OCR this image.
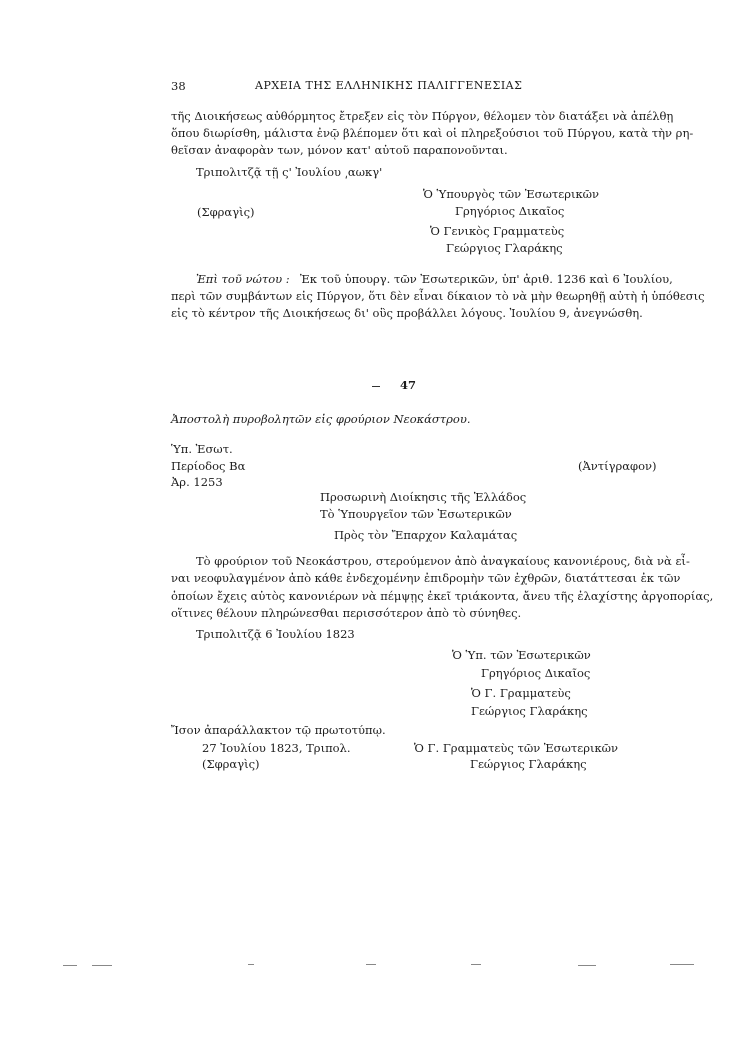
38	ΑΡΧΕΙΑ ΤΗΣ ΕΛΛΗΝΙΚΗΣ ΠΑΛΙΓΓΕΝΕΣΙΑΣ
τῆς Διοικήσεως αὐθόρμητος ἔτρεξεν εἰς τὸν Πύργον, θέλομεν τὸν διατάξει νὰ ἀπέλθῃ
ὅπου διωρίσθη, μάλιστα ἐνῷ βλέπομεν ὅτι καὶ οἱ πληρεξούσιοι τοῦ Πύργου, κατὰ τὴν ρη-
θεῖσαν ἀναφορὰν των, μόνον κατ' αὐτοῦ παραπονοῦνται.
Τριπολιτζᾷ τῇ ς' Ἰουλίου ͵αωκγ'
Ὁ Ὑπουργὸς τῶν Ἐσωτερικῶν
(Σφραγὶς)	Γρηγόριος Δικαῖος
Ὁ Γενικὸς Γραμματεὺς
Γεώργιος Γλαράκης
Ἐπὶ τοῦ νώτου : Ἐκ τοῦ ὑπουργ. τῶν Ἐσωτερικῶν, ὑπ' ἀριθ. 1236 καὶ 6 Ἰουλίου,
περὶ τῶν συμβάντων εἰς Πύργον, ὅτι δὲν εἶναι δίκαιον τὸ νὰ μὴν θεωρηθῇ αὐτὴ ἡ ὑπόθεσις
εἰς τὸ κέντρον τῆς Διοικήσεως δι' οὓς προβάλλει λόγους. Ἰουλίου 9, ἀνεγνώσθη.
47
Ἀποστολὴ πυροβολητῶν εἰς φρούριον Νεοκάστρου.
Ὑπ. Ἐσωτ.
Περίοδος Βα
Ἀρ. 1253
(Ἀντίγραφον)
Προσωρινὴ Διοίκησις τῆς Ἑλλάδος
Τὸ Ὑπουργεῖον τῶν Ἐσωτερικῶν
Πρὸς τὸν Ἔπαρχον Καλαμάτας
Τὸ φρούριον τοῦ Νεοκάστρου, στερούμενον ἀπὸ ἀναγκαίους κανονιέρους, διὰ νὰ εἶ-
ναι νεοφυλαγμένον ἀπὸ κάθε ἐνδεχομένην ἐπιδρομὴν τῶν ἐχθρῶν, διατάττεσαι ἐκ τῶν
ὁποίων ἔχεις αὐτὸς κανονιέρων νὰ πέμψῃς ἐκεῖ τριάκοντα, ἄνευ τῆς ἐλαχίστης ἀργοπορίας,
οἵτινες θέλουν πληρώνεσθαι περισσότερον ἀπὸ τὸ σύνηθες.
Τριπολιτζᾷ 6 Ἰουλίου 1823
Ὁ Ὑπ. τῶν Ἐσωτερικῶν
Γρηγόριος Δικαῖος
Ὁ Γ. Γραμματεὺς
Γεώργιος Γλαράκης
Ἴσον ἀπαράλλακτον τῷ πρωτοτύπῳ.
27 Ἰουλίου 1823, Τριπολ.	Ὁ Γ. Γραμματεὺς τῶν Ἐσωτερικῶν
(Σφραγὶς)	Γεώργιος Γλαράκης
